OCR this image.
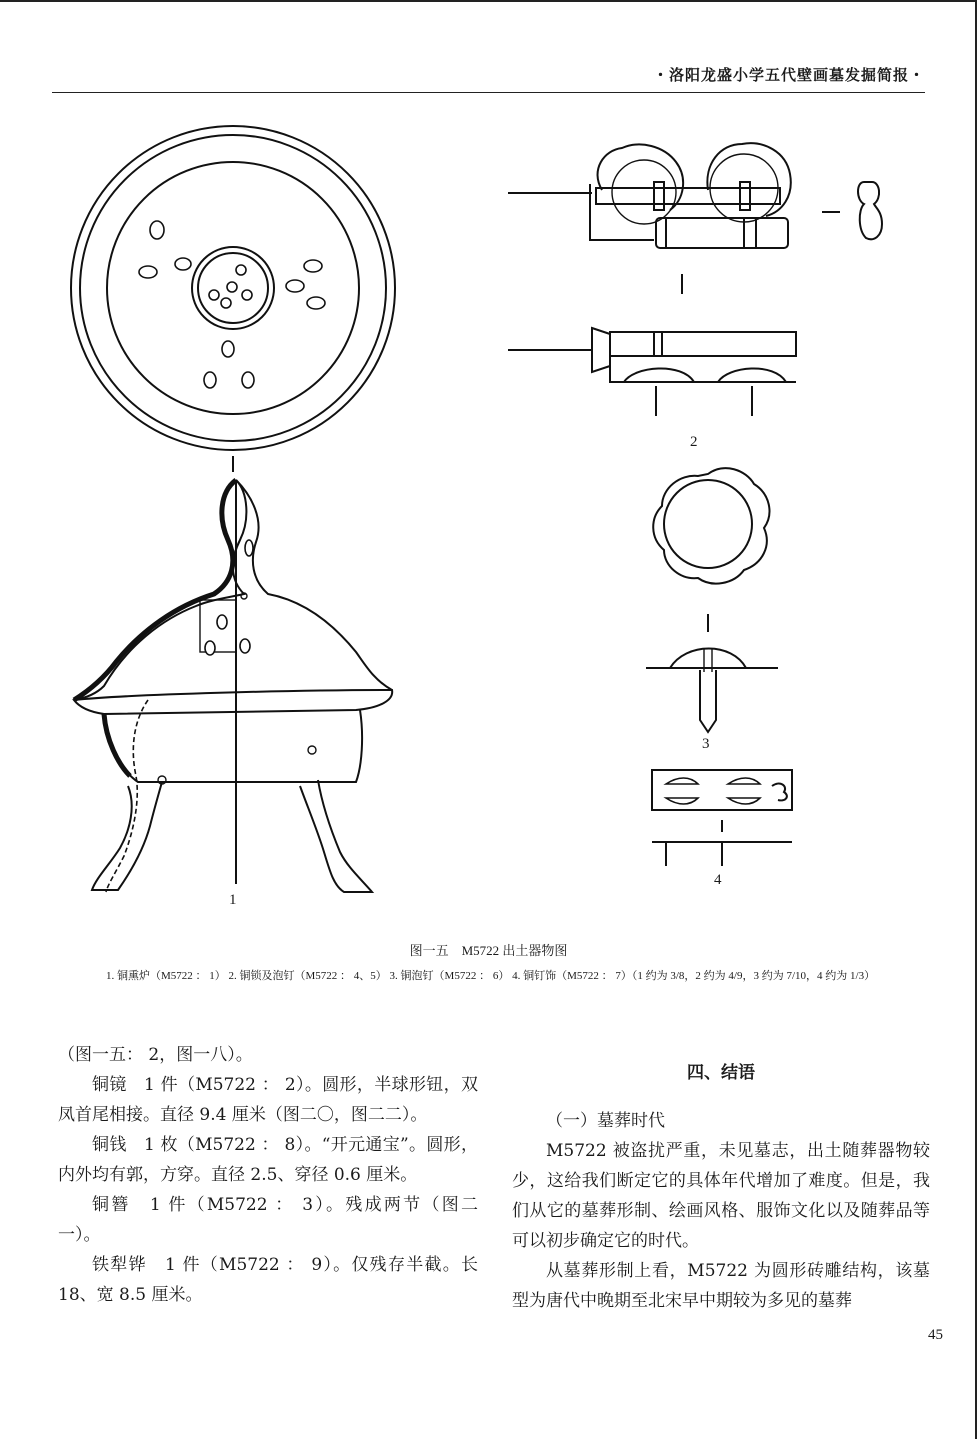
・洛阳龙盛小学五代壁画墓发掘简报・
1
2
3
4
图一五　M5722 出土器物图
1. 铜熏炉（M5722 ： 1） 2. 铜锁及泡钉（M5722 ： 4、5） 3. 铜泡钉（M5722 ： 6） 4. 铜钉饰（M5722 ： 7）（1 约为 3/8，2 约为 4/9，3 约为 7/10，4 约为 1/3）

（图一五： 2，图一八）。

铜镜　1 件（M5722 ： 2）。圆形，半球形钮，双凤首尾相接。直径 9.4 厘米（图二〇，图二二）。

铜钱　1 枚（M5722 ： 8）。“开元通宝”。圆形，内外均有郭，方穿。直径 2.5、穿径 0.6 厘米。

铜簪　1 件（M5722 ： 3）。残成两节（图二一）。

铁犁铧　1 件（M5722 ： 9）。仅残存半截。长 18、宽 8.5 厘米。

四、结语

（一）墓葬时代

M5722 被盗扰严重，未见墓志，出土随葬器物较少，这给我们断定它的具体年代增加了难度。但是，我们从它的墓葬形制、绘画风格、服饰文化以及随葬品等可以初步确定它的时代。

从墓葬形制上看，M5722 为圆形砖雕结构，该墓型为唐代中晚期至北宋早中期较为多见的墓葬

45
